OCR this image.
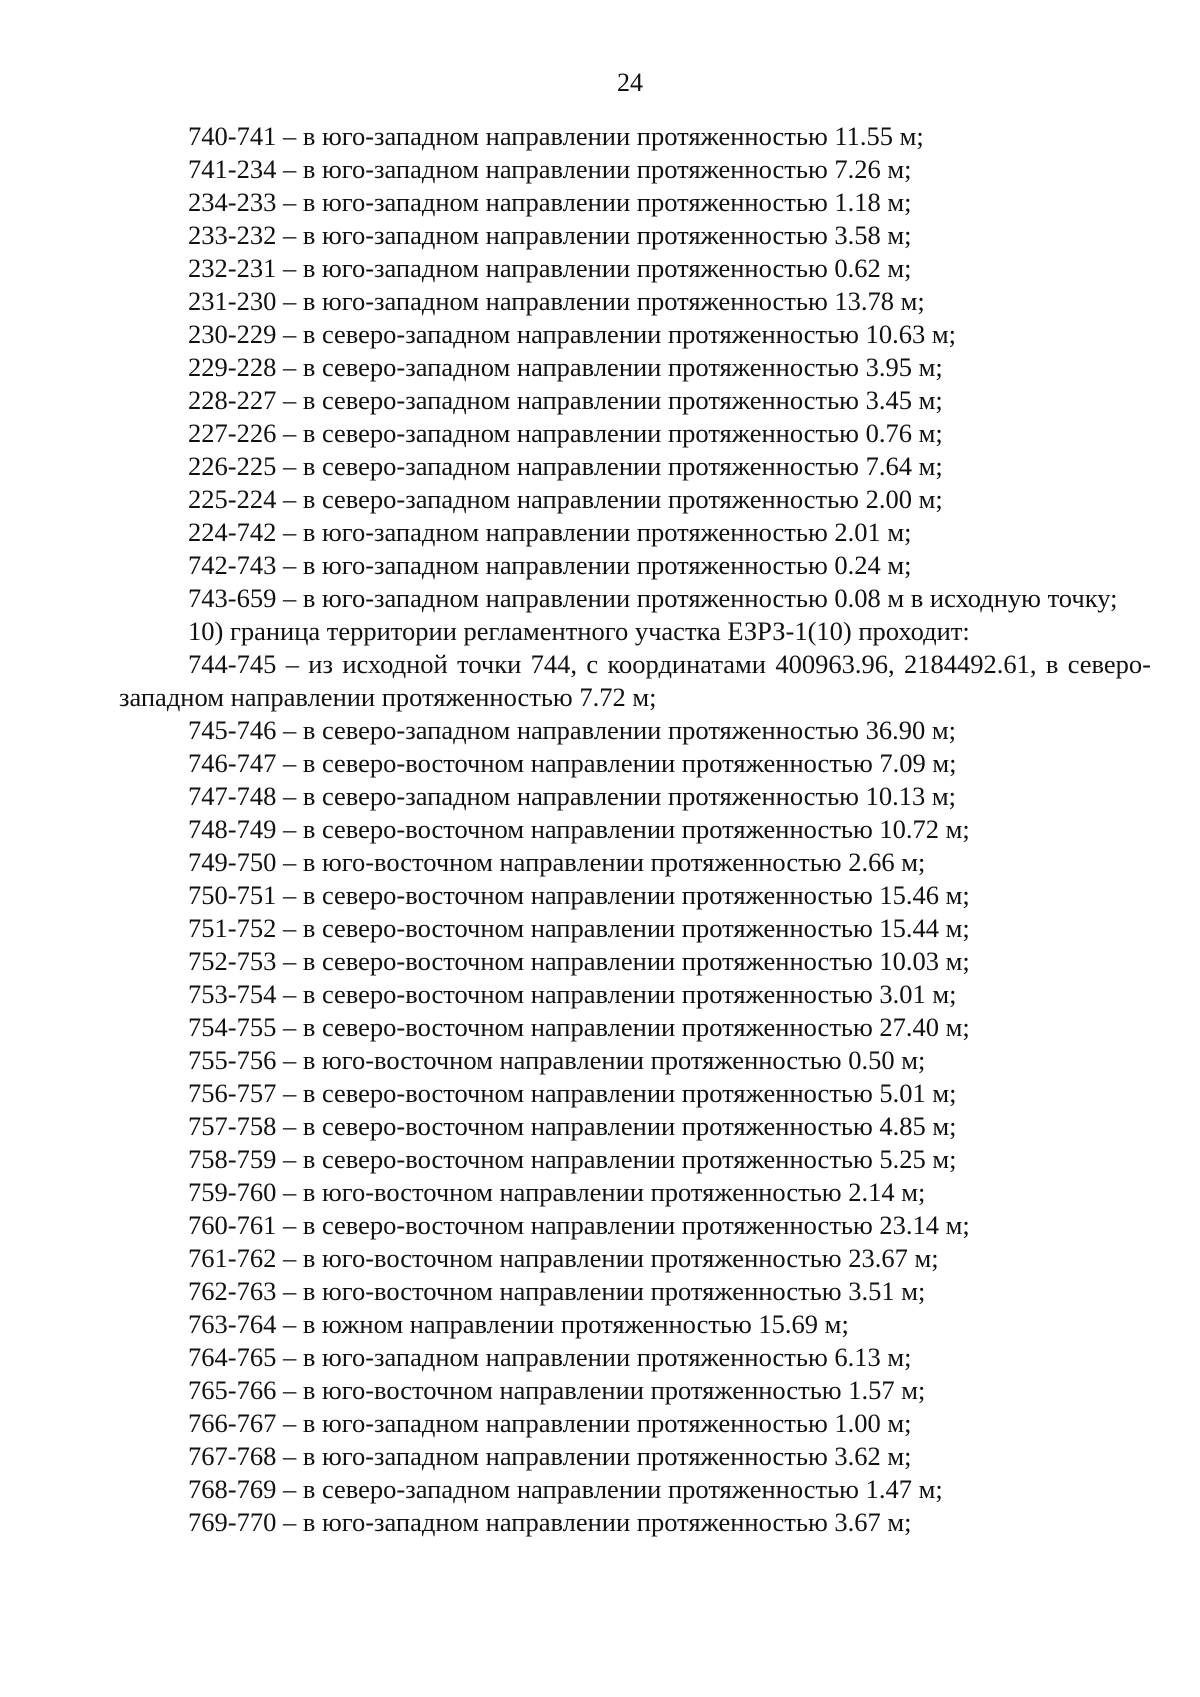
24
740-741 – в юго-западном направлении протяженностью 11.55 м;
741-234 – в юго-западном направлении протяженностью 7.26 м;
234-233 – в юго-западном направлении протяженностью 1.18 м;
233-232 – в юго-западном направлении протяженностью 3.58 м;
232-231 – в юго-западном направлении протяженностью 0.62 м;
231-230 – в юго-западном направлении протяженностью 13.78 м;
230-229 – в северо-западном направлении протяженностью 10.63 м;
229-228 – в северо-западном направлении протяженностью 3.95 м;
228-227 – в северо-западном направлении протяженностью 3.45 м;
227-226 – в северо-западном направлении протяженностью 0.76 м;
226-225 – в северо-западном направлении протяженностью 7.64 м;
225-224 – в северо-западном направлении протяженностью 2.00 м;
224-742 – в юго-западном направлении протяженностью 2.01 м;
742-743 – в юго-западном направлении протяженностью 0.24 м;
743-659 – в юго-западном направлении протяженностью 0.08 м в исходную точку;
10) граница территории регламентного участка ЕЗРЗ-1(10) проходит:
744-745 – из исходной точки 744, с координатами 400963.96, 2184492.61, в северо-западном направлении протяженностью 7.72 м;
745-746 – в северо-западном направлении протяженностью 36.90 м;
746-747 – в северо-восточном направлении протяженностью 7.09 м;
747-748 – в северо-западном направлении протяженностью 10.13 м;
748-749 – в северо-восточном направлении протяженностью 10.72 м;
749-750 – в юго-восточном направлении протяженностью 2.66 м;
750-751 – в северо-восточном направлении протяженностью 15.46 м;
751-752 – в северо-восточном направлении протяженностью 15.44 м;
752-753 – в северо-восточном направлении протяженностью 10.03 м;
753-754 – в северо-восточном направлении протяженностью 3.01 м;
754-755 – в северо-восточном направлении протяженностью 27.40 м;
755-756 – в юго-восточном направлении протяженностью 0.50 м;
756-757 – в северо-восточном направлении протяженностью 5.01 м;
757-758 – в северо-восточном направлении протяженностью 4.85 м;
758-759 – в северо-восточном направлении протяженностью 5.25 м;
759-760 – в юго-восточном направлении протяженностью 2.14 м;
760-761 – в северо-восточном направлении протяженностью 23.14 м;
761-762 – в юго-восточном направлении протяженностью 23.67 м;
762-763 – в юго-восточном направлении протяженностью 3.51 м;
763-764 – в южном направлении протяженностью 15.69 м;
764-765 – в юго-западном направлении протяженностью 6.13 м;
765-766 – в юго-восточном направлении протяженностью 1.57 м;
766-767 – в юго-западном направлении протяженностью 1.00 м;
767-768 – в юго-западном направлении протяженностью 3.62 м;
768-769 – в северо-западном направлении протяженностью 1.47 м;
769-770 – в юго-западном направлении протяженностью 3.67 м;
